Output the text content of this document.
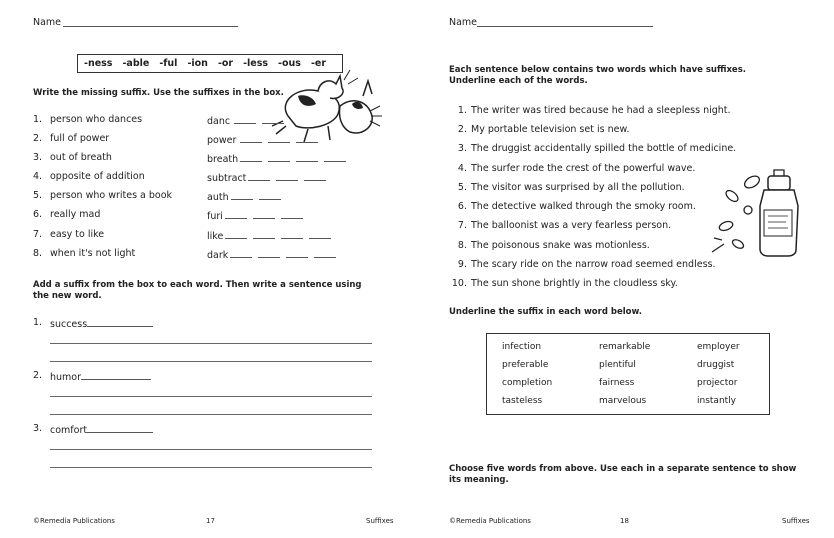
Name
-ness -able -ful -ion -or -less -ous -er
Write the missing suffix. Use the suffixes in the box.
1. person who dances	danc
2. full of power	power
3. out of breath	breath
4. opposite of addition	subtract
5. person who writes a book	auth
6. really mad	furi
7. easy to like	like
8. when it's not light	dark
Add a suffix from the box to each word. Then write a sentence using the new word.
1. success
2. humor
3. comfort
©Remedia Publications	17	Suffixes
Name
Each sentence below contains two words which have suffixes. Underline each of the words.
1. The writer was tired because he had a sleepless night.
2. My portable television set is new.
3. The druggist accidentally spilled the bottle of medicine.
4. The surfer rode the crest of the powerful wave.
5. The visitor was surprised by all the pollution.
6. The detective walked through the smoky room.
7. The balloonist was a very fearless person.
8. The poisonous snake was motionless.
9. The scary ride on the narrow road seemed endless.
10. The sun shone brightly in the cloudless sky.
Underline the suffix in each word below.
infection	remarkable	employer
preferable	plentiful	druggist
completion	fairness	projector
tasteless	marvelous	instantly
Choose five words from above. Use each in a separate sentence to show its meaning.
©Remedia Publications	18	Suffixes
